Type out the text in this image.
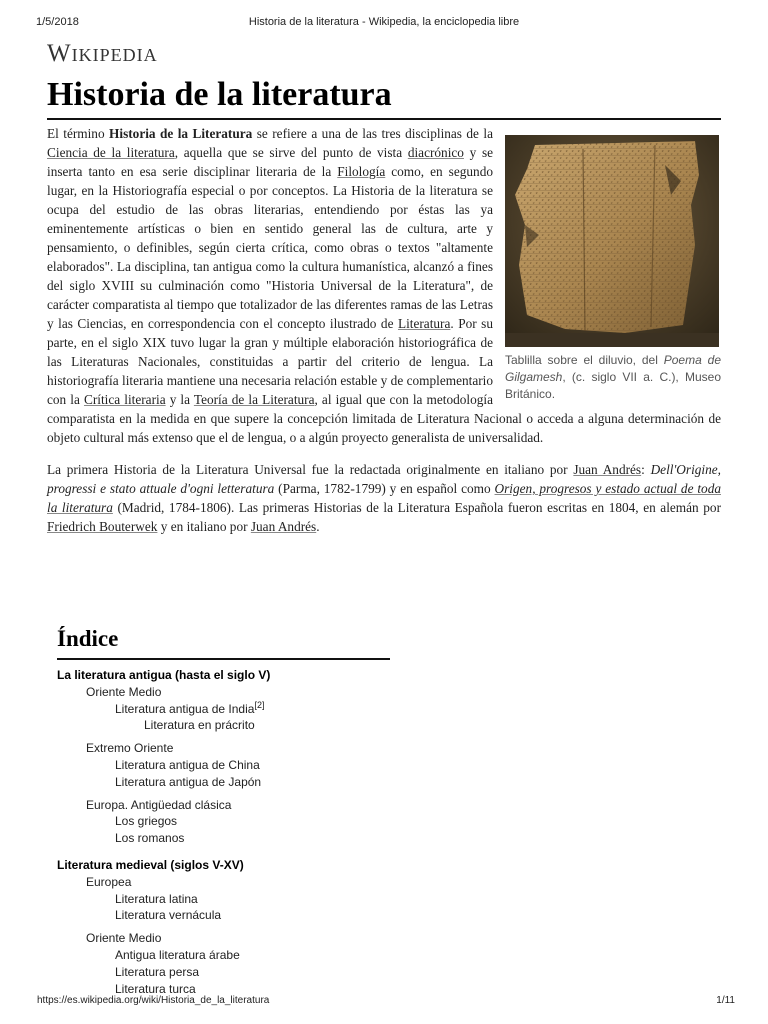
1/5/2018	Historia de la literatura - Wikipedia, la enciclopedia libre
Wikipedia
Historia de la literatura
Tablilla sobre el diluvio, del Poema de Gilgamesh, (c. siglo VII a. C.), Museo Británico.

El término Historia de la Literatura se refiere a una de las tres disciplinas de la Ciencia de la literatura, aquella que se sirve del punto de vista diacrónico y se inserta tanto en esa serie disciplinar literaria de la Filología como, en segundo lugar, en la Historiografía especial o por conceptos. La Historia de la literatura se ocupa del estudio de las obras literarias, entendiendo por éstas las ya eminentemente artísticas o bien en sentido general las de cultura, arte y pensamiento, o definibles, según cierta crítica, como obras o textos "altamente elaborados". La disciplina, tan antigua como la cultura humanística, alcanzó a fines del siglo XVIII su culminación como "Historia Universal de la Literatura", de carácter comparatista al tiempo que totalizador de las diferentes ramas de las Letras y las Ciencias, en correspondencia con el concepto ilustrado de Literatura. Por su parte, en el siglo XIX tuvo lugar la gran y múltiple elaboración historiográfica de las Literaturas Nacionales, constituidas a partir del criterio de lengua. La historiografía literaria mantiene una necesaria relación estable y de complementario con la Crítica literaria y la Teoría de la Literatura, al igual que con la metodología comparatista en la medida en que supere la concepción limitada de Literatura Nacional o acceda a alguna determinación de objeto cultural más extenso que el de lengua, o a algún proyecto generalista de universalidad.

La primera Historia de la Literatura Universal fue la redactada originalmente en italiano por Juan Andrés: Dell'Origine, progressi e stato attuale d'ogni letteratura (Parma, 1782-1799) y en español como Origen, progresos y estado actual de toda la literatura (Madrid, 1784-1806). Las primeras Historias de la Literatura Española fueron escritas en 1804, en alemán por Friedrich Bouterwek y en italiano por Juan Andrés.

Índice
La literatura antigua (hasta el siglo V)
Oriente Medio
Literatura antigua de India[2]
Literatura en prácrito
Extremo Oriente
Literatura antigua de China
Literatura antigua de Japón
Europa. Antigüedad clásica
Los griegos
Los romanos
Literatura medieval (siglos V-XV)
Europea
Literatura latina
Literatura vernácula
Oriente Medio
Antigua literatura árabe
Literatura persa
Literatura turca
https://es.wikipedia.org/wiki/Historia_de_la_literatura	1/11
